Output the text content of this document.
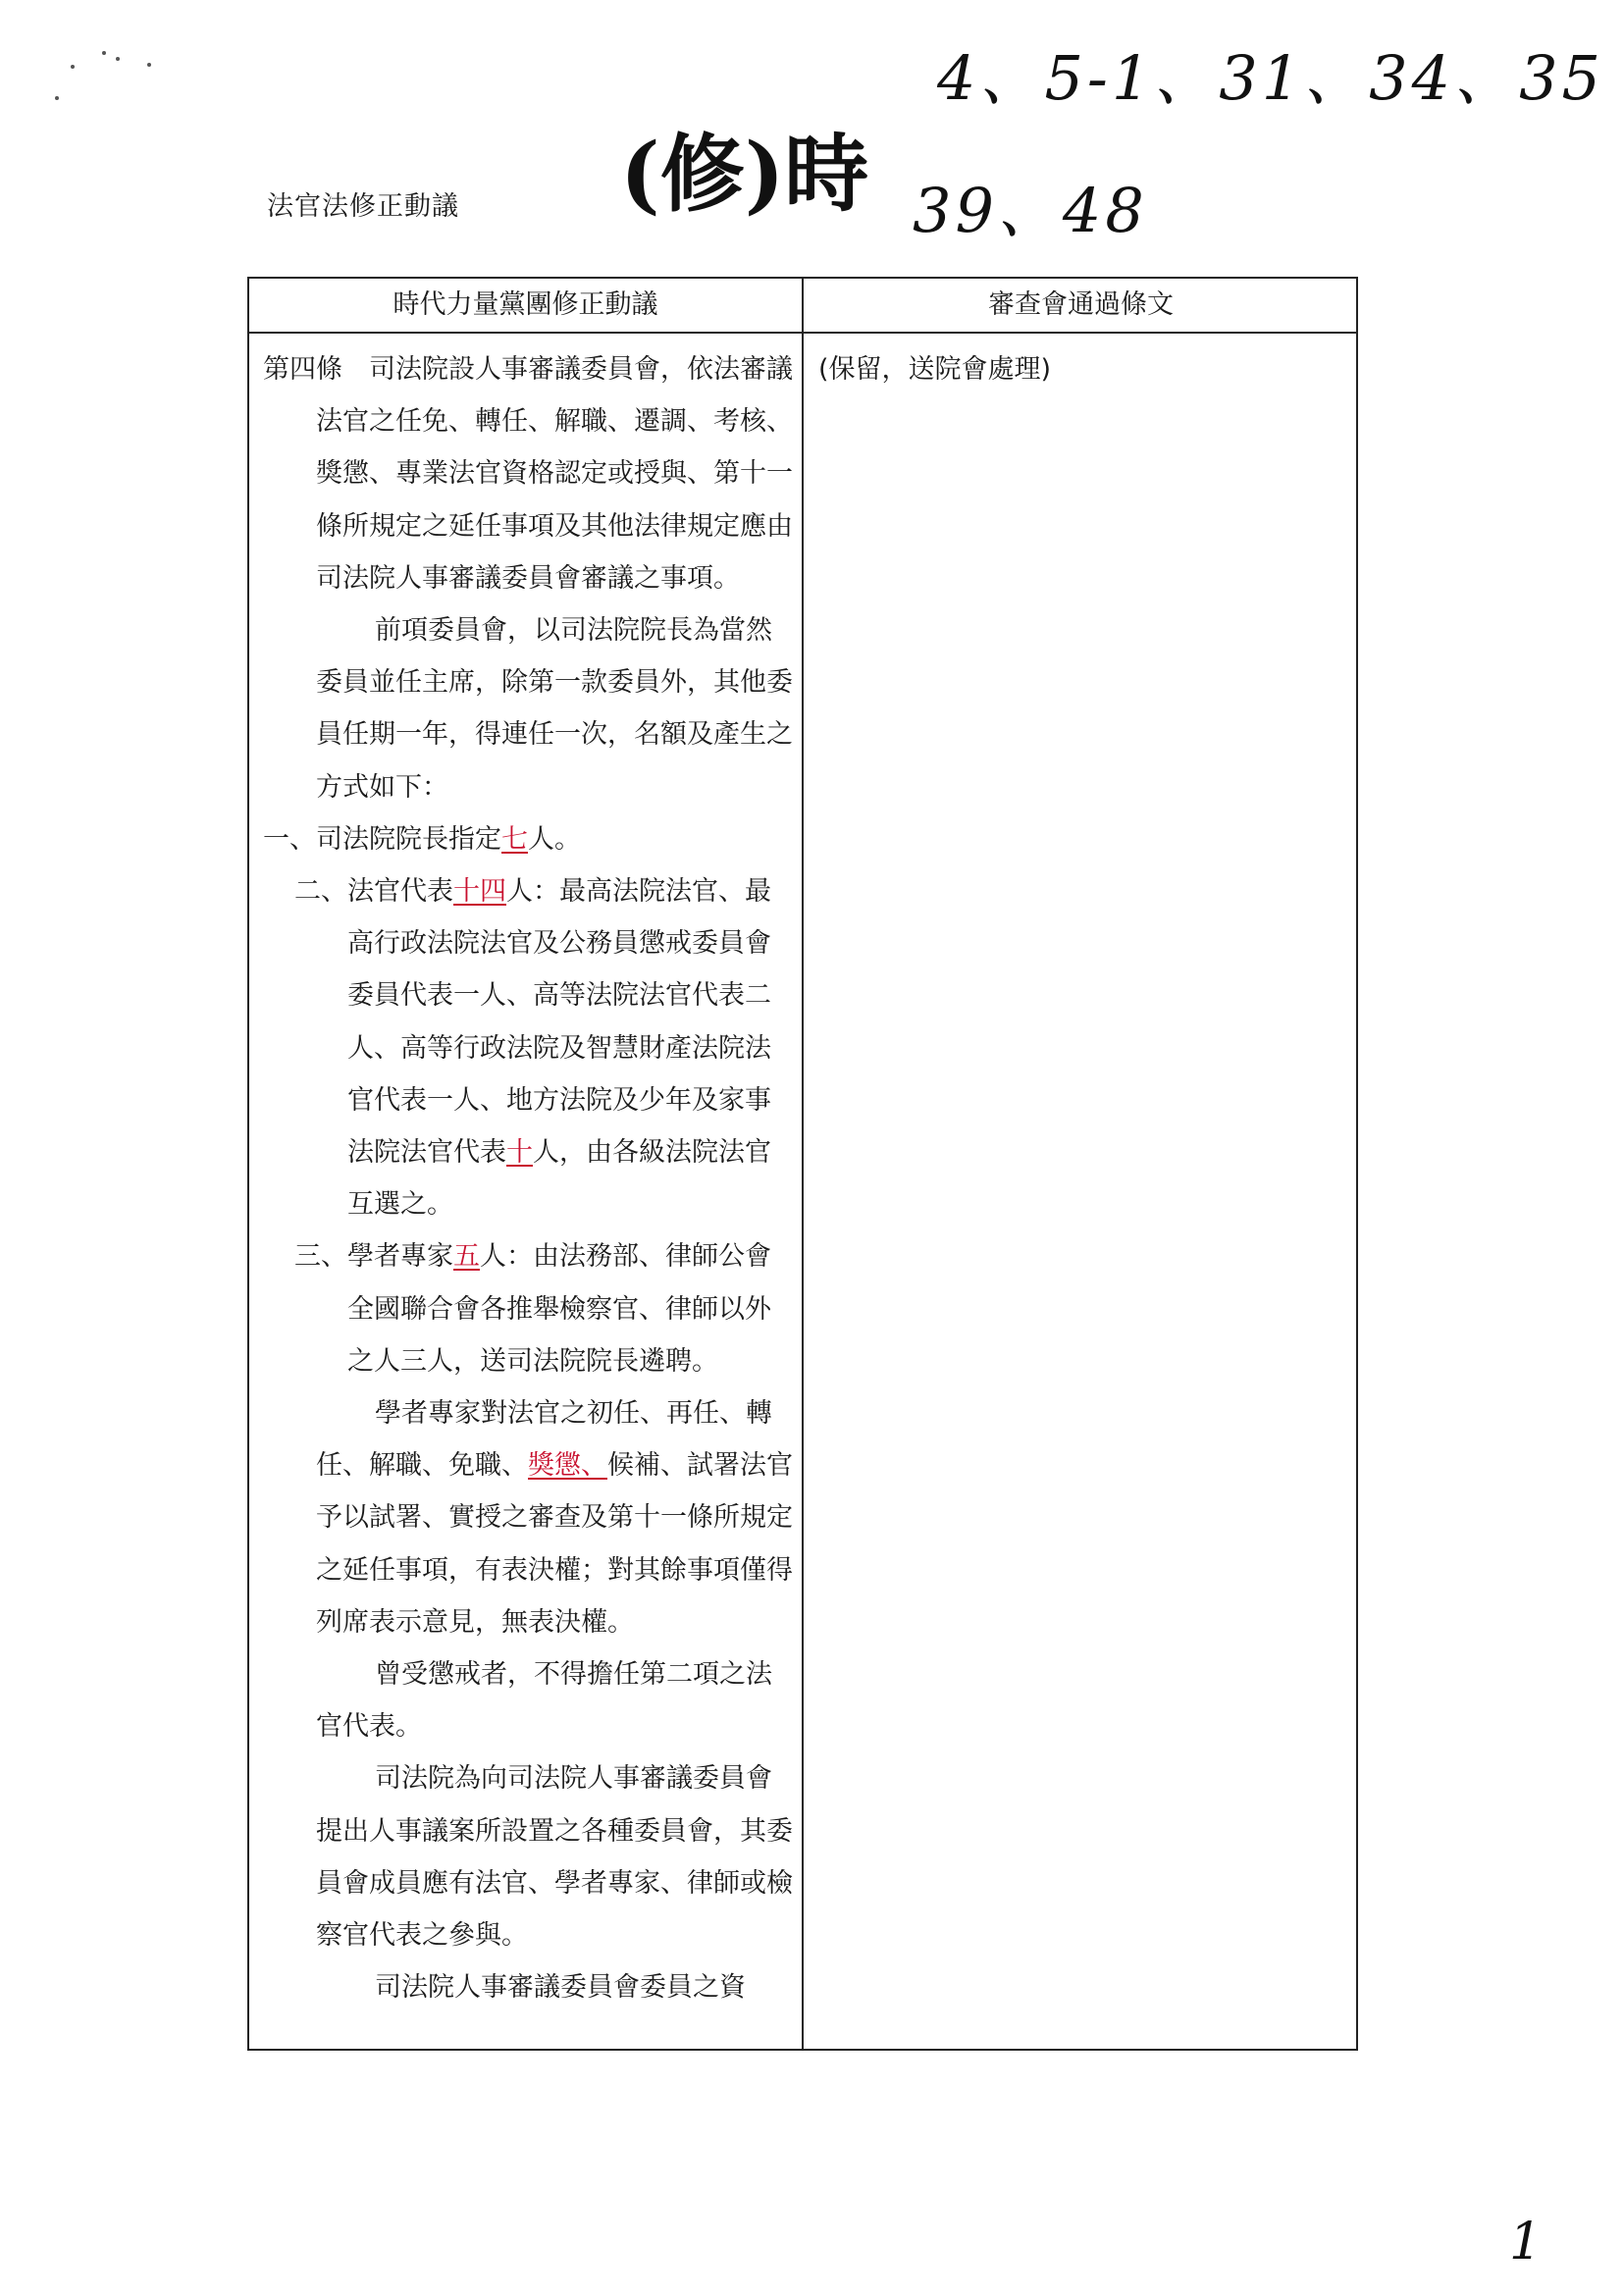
4、5-1、31、34、35
39、48
(修)時
1
法官法修正動議
時代力量黨團修正動議	審查會通過條文

第四條 司法院設人事審議委員會，依法審議法官之任免、轉任、解職、遷調、考核、獎懲、專業法官資格認定或授與、第十一條所規定之延任事項及其他法律規定應由司法院人事審議委員會審議之事項。

前項委員會，以司法院院長為當然委員並任主席，除第一款委員外，其他委員任期一年，得連任一次，名額及產生之方式如下：

一、司法院院長指定七人。

二、法官代表十四人：最高法院法官、最高行政法院法官及公務員懲戒委員會委員代表一人、高等法院法官代表二人、高等行政法院及智慧財產法院法官代表一人、地方法院及少年及家事法院法官代表十人，由各級法院法官互選之。

三、學者專家五人：由法務部、律師公會全國聯合會各推舉檢察官、律師以外之人三人，送司法院院長遴聘。

學者專家對法官之初任、再任、轉任、解職、免職、獎懲、候補、試署法官予以試署、實授之審查及第十一條所規定之延任事項，有表決權；對其餘事項僅得列席表示意見，無表決權。

曾受懲戒者，不得擔任第二項之法官代表。

司法院為向司法院人事審議委員會提出人事議案所設置之各種委員會，其委員會成員應有法官、學者專家、律師或檢察官代表之參與。

司法院人事審議委員會委員之資

(保留，送院會處理)
